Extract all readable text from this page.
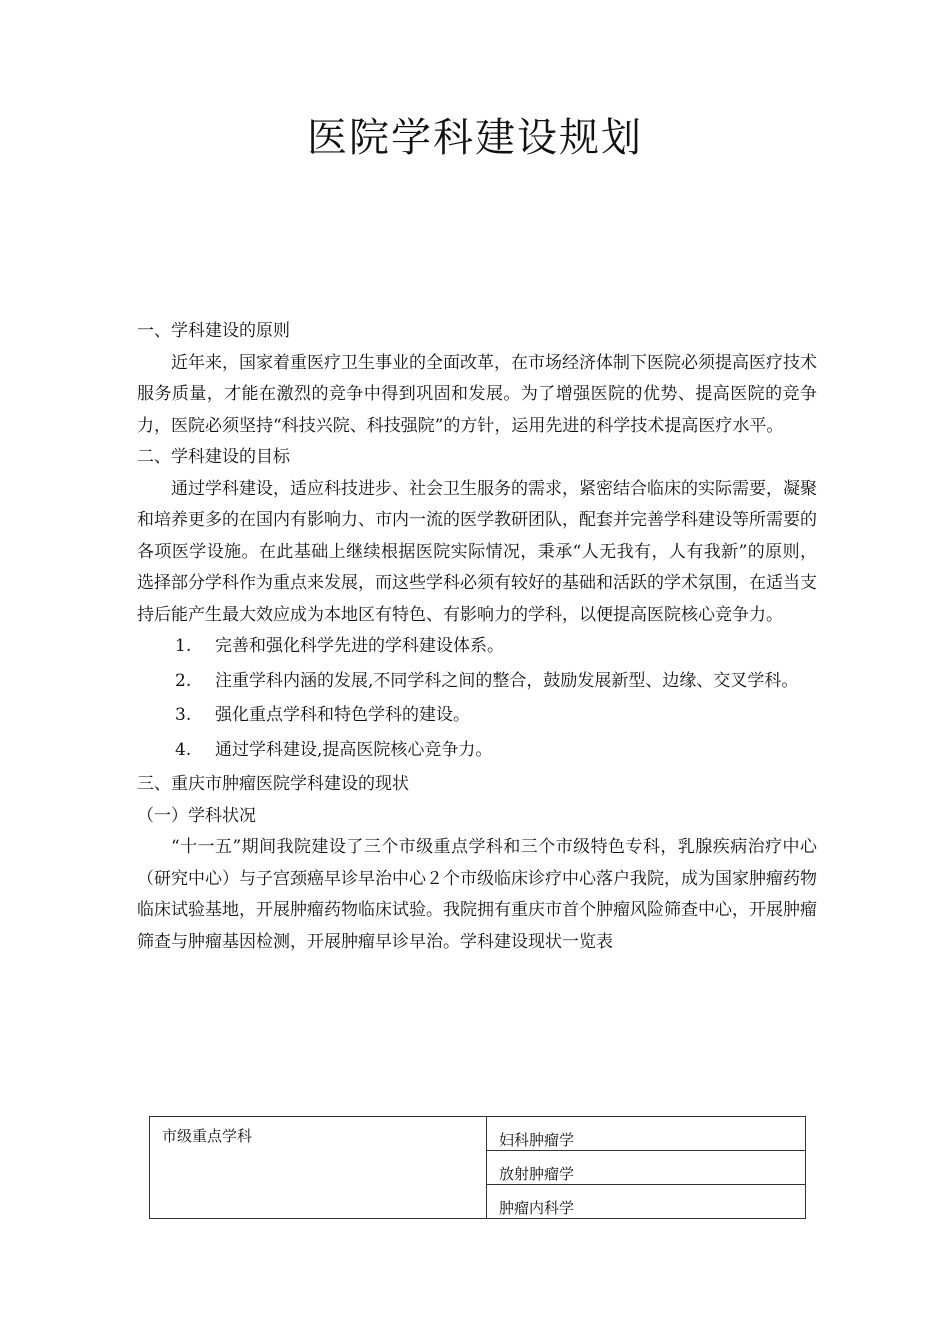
医院学科建设规划

一、学科建设的原则

近年来，国家着重医疗卫生事业的全面改革，在市场经济体制下医院必须提高医疗技术服务质量，才能在激烈的竞争中得到巩固和发展。为了增强医院的优势、提高医院的竞争力，医院必须坚持“科技兴院、科技强院”的方针，运用先进的科学技术提高医疗水平。

二、学科建设的目标

通过学科建设，适应科技进步、社会卫生服务的需求，紧密结合临床的实际需要，凝聚和培养更多的在国内有影响力、市内一流的医学教研团队，配套并完善学科建设等所需要的各项医学设施。在此基础上继续根据医院实际情况，秉承“人无我有，人有我新”的原则，选择部分学科作为重点来发展，而这些学科必须有较好的基础和活跃的学术氛围，在适当支持后能产生最大效应成为本地区有特色、有影响力的学科，以便提高医院核心竞争力。

1.	完善和强化科学先进的学科建设体系。
2.	注重学科内涵的发展,不同学科之间的整合，鼓励发展新型、边缘、交叉学科。
3.	强化重点学科和特色学科的建设。
4.	通过学科建设,提高医院核心竞争力。

三、重庆市肿瘤医院学科建设的现状

（一）学科状况

“十一五”期间我院建设了三个市级重点学科和三个市级特色专科，乳腺疾病治疗中心（研究中心）与子宫颈癌早诊早治中心２个市级临床诊疗中心落户我院，成为国家肿瘤药物临床试验基地，开展肿瘤药物临床试验。我院拥有重庆市首个肿瘤风险筛查中心，开展肿瘤筛查与肿瘤基因检测，开展肿瘤早诊早治。学科建设现状一览表

市级重点学科	妇科肿瘤学
放射肿瘤学
肿瘤内科学
